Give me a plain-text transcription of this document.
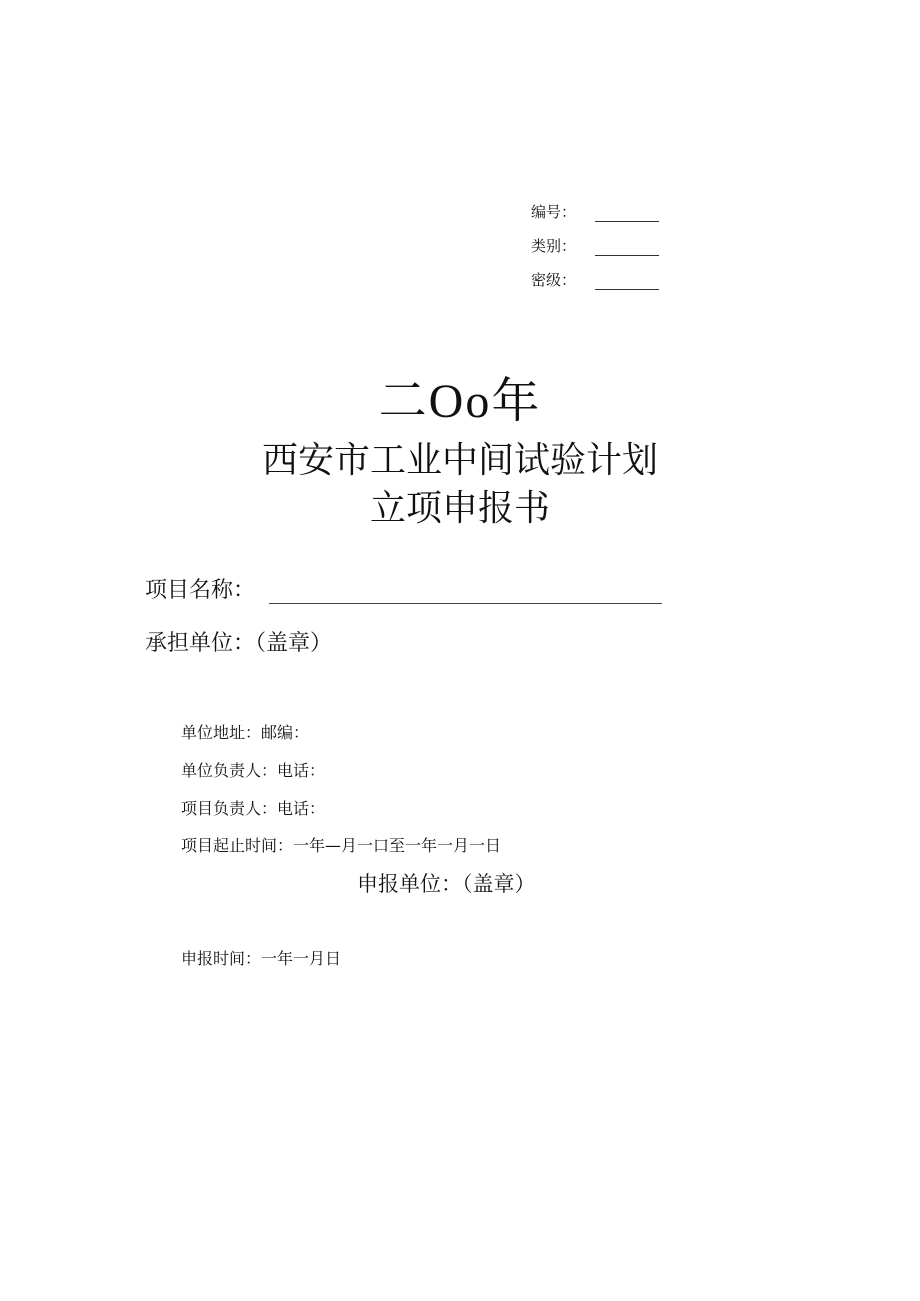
编号：
类别：
密级：
二Oo年
西安市工业中间试验计划
立项申报书
项目名称：
承担单位：（盖章）
单位地址：邮编：
单位负责人：电话：
项目负责人：电话：
项目起止时间：一年—月一口至一年一月一日
申报单位：（盖章）
申报时间：一年一月日
